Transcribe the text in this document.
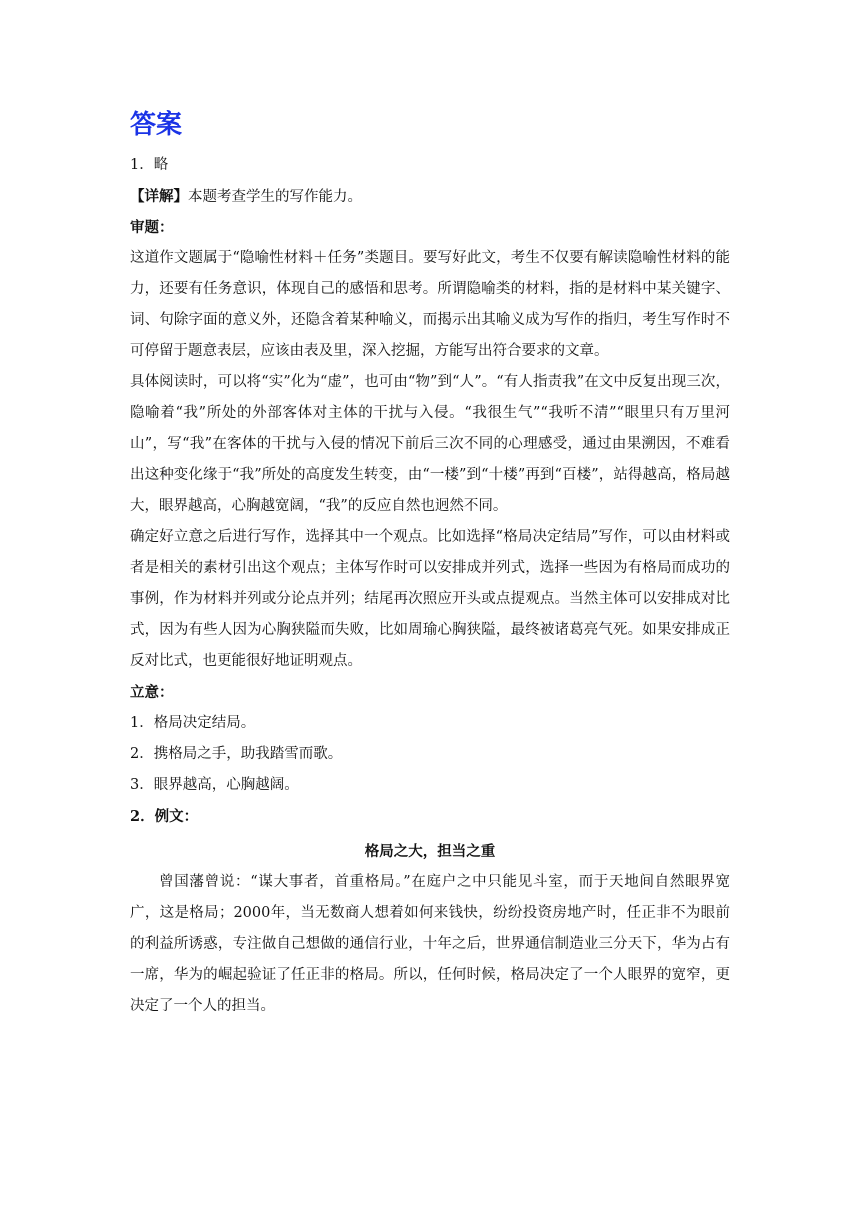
答案
1．略
【详解】本题考查学生的写作能力。
审题：

这道作文题属于“隐喻性材料＋任务”类题目。要写好此文，考生不仅要有解读隐喻性材料的能力，还要有任务意识，体现自己的感悟和思考。所谓隐喻类的材料，指的是材料中某关键字、词、句除字面的意义外，还隐含着某种喻义，而揭示出其喻义成为写作的指归，考生写作时不可停留于题意表层，应该由表及里，深入挖掘，方能写出符合要求的文章。

具体阅读时，可以将“实”化为“虚”，也可由“物”到“人”。“有人指责我”在文中反复出现三次，隐喻着“我”所处的外部客体对主体的干扰与入侵。“我很生气”“我听不清”“眼里只有万里河山”，写“我”在客体的干扰与入侵的情况下前后三次不同的心理感受，通过由果溯因，不难看出这种变化缘于“我”所处的高度发生转变，由“一楼”到“十楼”再到“百楼”，站得越高，格局越大，眼界越高，心胸越宽阔，“我”的反应自然也迥然不同。

确定好立意之后进行写作，选择其中一个观点。比如选择“格局决定结局”写作，可以由材料或者是相关的素材引出这个观点；主体写作时可以安排成并列式，选择一些因为有格局而成功的事例，作为材料并列或分论点并列；结尾再次照应开头或点提观点。当然主体可以安排成对比式，因为有些人因为心胸狭隘而失败，比如周瑜心胸狭隘，最终被诸葛亮气死。如果安排成正反对比式，也更能很好地证明观点。

立意：
1．格局决定结局。
2．携格局之手，助我踏雪而歌。
3．眼界越高，心胸越阔。
2．例文：
格局之大，担当之重

曾国藩曾说：“谋大事者，首重格局。”在庭户之中只能见斗室，而于天地间自然眼界宽广，这是格局；2000年，当无数商人想着如何来钱快，纷纷投资房地产时，任正非不为眼前的利益所诱惑，专注做自己想做的通信行业，十年之后，世界通信制造业三分天下，华为占有一席，华为的崛起验证了任正非的格局。所以，任何时候，格局决定了一个人眼界的宽窄，更决定了一个人的担当。
